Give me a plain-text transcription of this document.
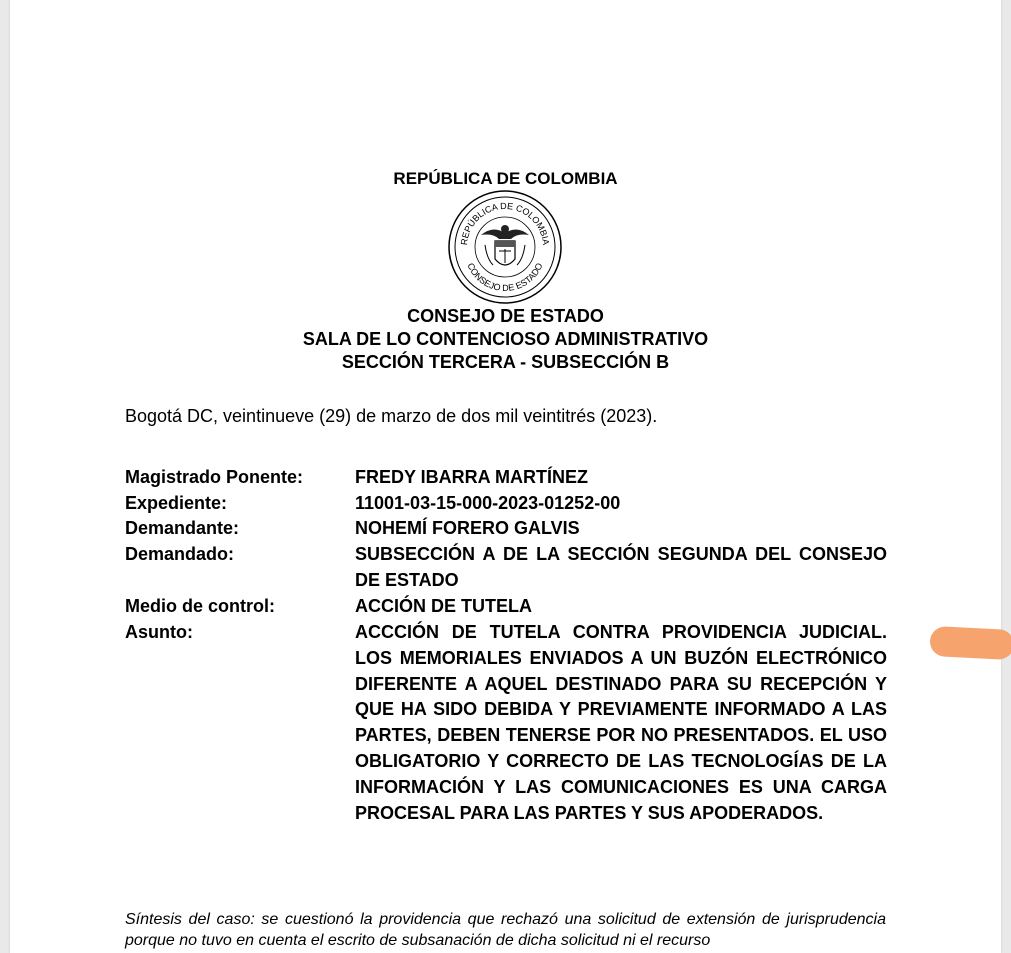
REPÚBLICA DE COLOMBIA
REPÚBLICA DE COLOMBIA
CONSEJO DE ESTADO
CONSEJO DE ESTADO
SALA DE LO CONTENCIOSO ADMINISTRATIVO
SECCIÓN TERCERA - SUBSECCIÓN B
Bogotá DC, veintinueve (29) de marzo de dos mil veintitrés (2023).
Magistrado Ponente:	FREDY IBARRA MARTÍNEZ
Expediente:	11001-03-15-000-2023-01252-00
Demandante:	NOHEMÍ FORERO GALVIS
Demandado:	SUBSECCIÓN A DE LA SECCIÓN SEGUNDA DEL CONSEJO DE ESTADO
Medio de control:	ACCIÓN DE TUTELA
Asunto:	ACCCIÓN DE TUTELA CONTRA PROVIDENCIA JUDICIAL. LOS MEMORIALES ENVIADOS A UN BUZÓN ELECTRÓNICO DIFERENTE A AQUEL DESTINADO PARA SU RECEPCIÓN Y QUE HA SIDO DEBIDA Y PREVIAMENTE INFORMADO A LAS PARTES, DEBEN TENERSE POR NO PRESENTADOS. EL USO OBLIGATORIO Y CORRECTO DE LAS TECNOLOGÍAS DE LA INFORMACIÓN Y LAS COMUNICACIONES ES UNA CARGA PROCESAL PARA LAS PARTES Y SUS APODERADOS.
Síntesis del caso: se cuestionó la providencia que rechazó una solicitud de extensión de jurisprudencia porque no tuvo en cuenta el escrito de subsanación de dicha solicitud ni el recurso
